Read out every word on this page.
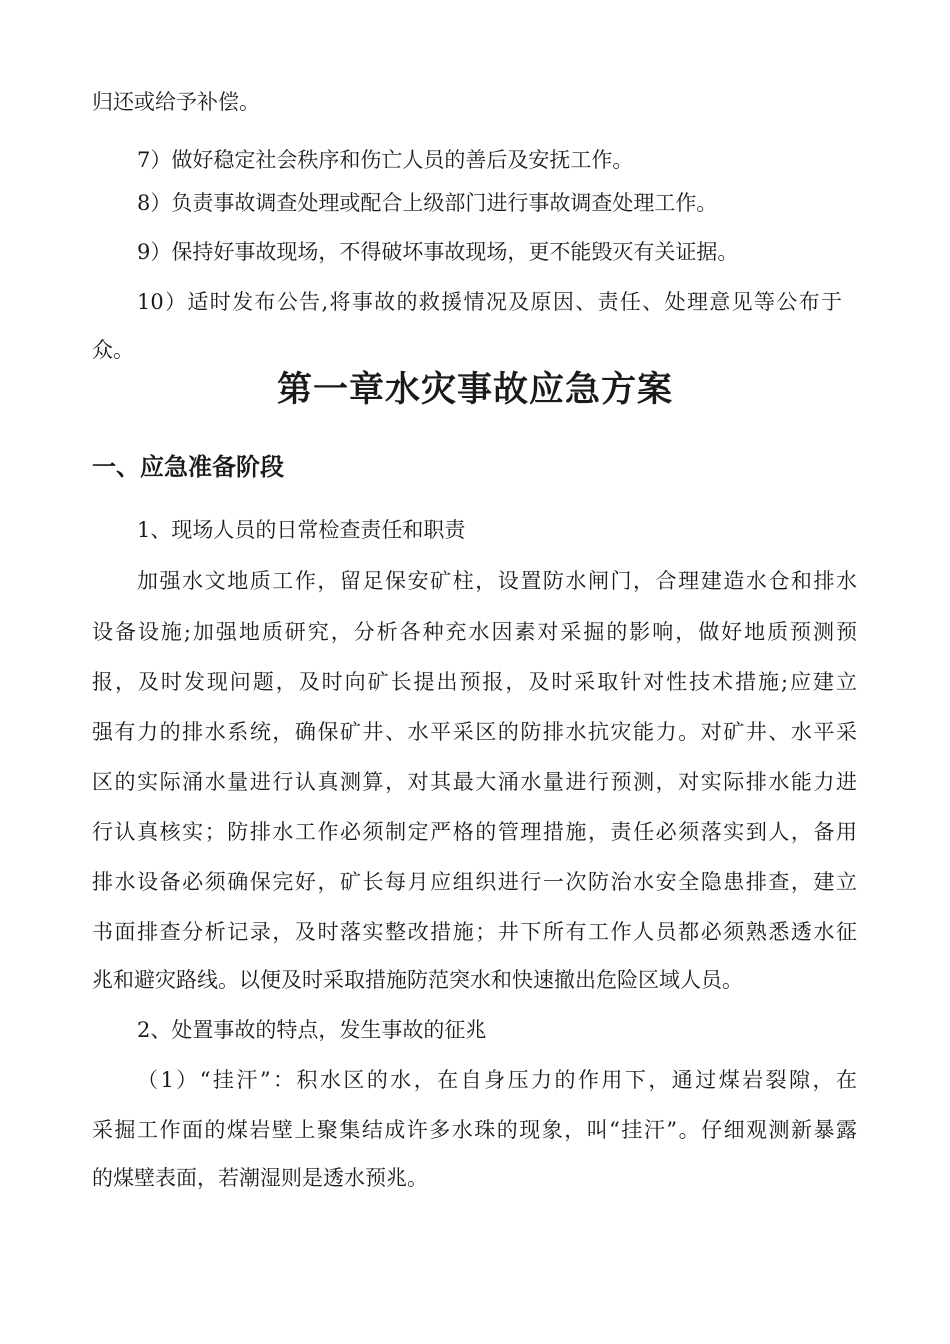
归还或给予补偿。

7）做好稳定社会秩序和伤亡人员的善后及安抚工作。

8）负责事故调查处理或配合上级部门进行事故调查处理工作。

9）保持好事故现场，不得破坏事故现场，更不能毁灭有关证据。

10）适时发布公告,将事故的救援情况及原因、责任、处理意见等公布于

众。

第一章水灾事故应急方案
一、应急准备阶段

1、现场人员的日常检查责任和职责

加强水文地质工作，留足保安矿柱，设置防水闸门，合理建造水仓和排水

设备设施;加强地质研究，分析各种充水因素对采掘的影响，做好地质预测预

报，及时发现问题，及时向矿长提出预报，及时采取针对性技术措施;应建立

强有力的排水系统，确保矿井、水平采区的防排水抗灾能力。对矿井、水平采

区的实际涌水量进行认真测算，对其最大涌水量进行预测，对实际排水能力进

行认真核实；防排水工作必须制定严格的管理措施，责任必须落实到人，备用

排水设备必须确保完好，矿长每月应组织进行一次防治水安全隐患排查，建立

书面排查分析记录，及时落实整改措施；井下所有工作人员都必须熟悉透水征

兆和避灾路线。以便及时采取措施防范突水和快速撤出危险区域人员。

2、处置事故的特点，发生事故的征兆

（1）“挂汗”：积水区的水，在自身压力的作用下，通过煤岩裂隙，在

采掘工作面的煤岩壁上聚集结成许多水珠的现象，叫“挂汗”。仔细观测新暴露

的煤壁表面，若潮湿则是透水预兆。
